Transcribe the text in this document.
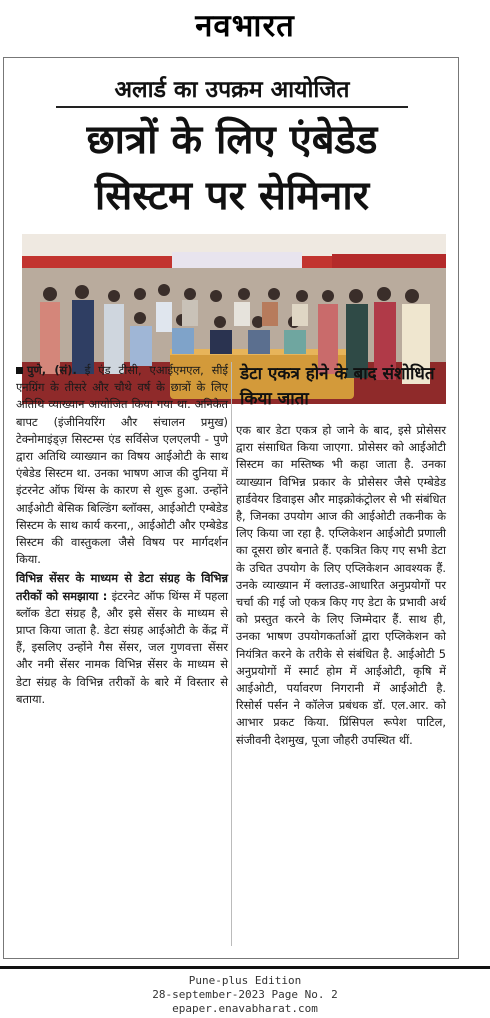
नवभारत
अलार्ड का उपक्रम आयोजित
छात्रों के लिए एंबेडेड
सिस्टम पर सेमिनार

पुणे, (सं). ई एंड टीसी, एआईएमएल, सीई एनग्रिंग के तीसरे और चौथे वर्ष के छात्रों के लिए अतिथि व्याख्यान आयोजित किया गया था. अनिकेत बापट (इंजीनियरिंग और संचालन प्रमुख) टेक्नोमाइंड्ज़ सिस्टम्स एंड सर्विसेज एलएलपी - पुणे द्वारा अतिथि व्याख्यान का विषय आईओटी के साथ एंबेडेड सिस्टम था. उनका भाषण आज की दुनिया में इंटरनेट ऑफ थिंग्स के कारण से शुरू हुआ. उन्होंने आईओटी बेसिक बिल्डिंग ब्लॉक्स, आईओटी एम्बेडेड सिस्टम के साथ कार्य करना,, आईओटी और एम्बेडेड सिस्टम की वास्तुकला जैसे विषय पर मार्गदर्शन किया.

विभिन्न सेंसर के माध्यम से डेटा संग्रह के विभिन्न तरीकों को समझाया : इंटरनेट ऑफ थिंग्स में पहला ब्लॉक डेटा संग्रह है, और इसे सेंसर के माध्यम से प्राप्त किया जाता है. डेटा संग्रह आईओटी के केंद्र में हैं, इसलिए उन्होंने गैस सेंसर, जल गुणवत्ता सेंसर और नमी सेंसर नामक विभिन्न सेंसर के माध्यम से डेटा संग्रह के विभिन्न तरीकों के बारे में विस्तार से बताया.

डेटा एकत्र होने के बाद संशोधित किया जाता

एक बार डेटा एकत्र हो जाने के बाद, इसे प्रोसेसर द्वारा संसाधित किया जाएगा. प्रोसेसर को आईओटी सिस्टम का मस्तिष्क भी कहा जाता है. उनका व्याख्यान विभिन्न प्रकार के प्रोसेसर जैसे एम्बेडेड हार्डवेयर डिवाइस और माइक्रोकंट्रोलर से भी संबंधित है, जिनका उपयोग आज की आईओटी तकनीक के लिए किया जा रहा है. एप्लिकेशन आईओटी प्रणाली का दूसरा छोर बनाते हैं. एकत्रित किए गए सभी डेटा के उचित उपयोग के लिए एप्लिकेशन आवश्यक हैं. उनके व्याख्यान में क्लाउड-आधारित अनुप्रयोगों पर चर्चा की गई जो एकत्र किए गए डेटा के प्रभावी अर्थ को प्रस्तुत करने के लिए जिम्मेदार हैं. साथ ही, उनका भाषण उपयोगकर्ताओं द्वारा एप्लिकेशन को नियंत्रित करने के तरीके से संबंधित है. आईओटी 5 अनुप्रयोगों में स्मार्ट होम में आईओटी, कृषि में आईओटी, पर्यावरण निगरानी में आईओटी है. रिसोर्स पर्सन ने कॉलेज प्रबंधक डॉ. एल.आर. को आभार प्रकट किया. प्रिंसिपल रूपेश पाटिल, संजीवनी देशमुख, पूजा जौहरी उपस्थित थीं.

Pune-plus Edition
28-september-2023 Page No. 2
epaper.enavabharat.com
